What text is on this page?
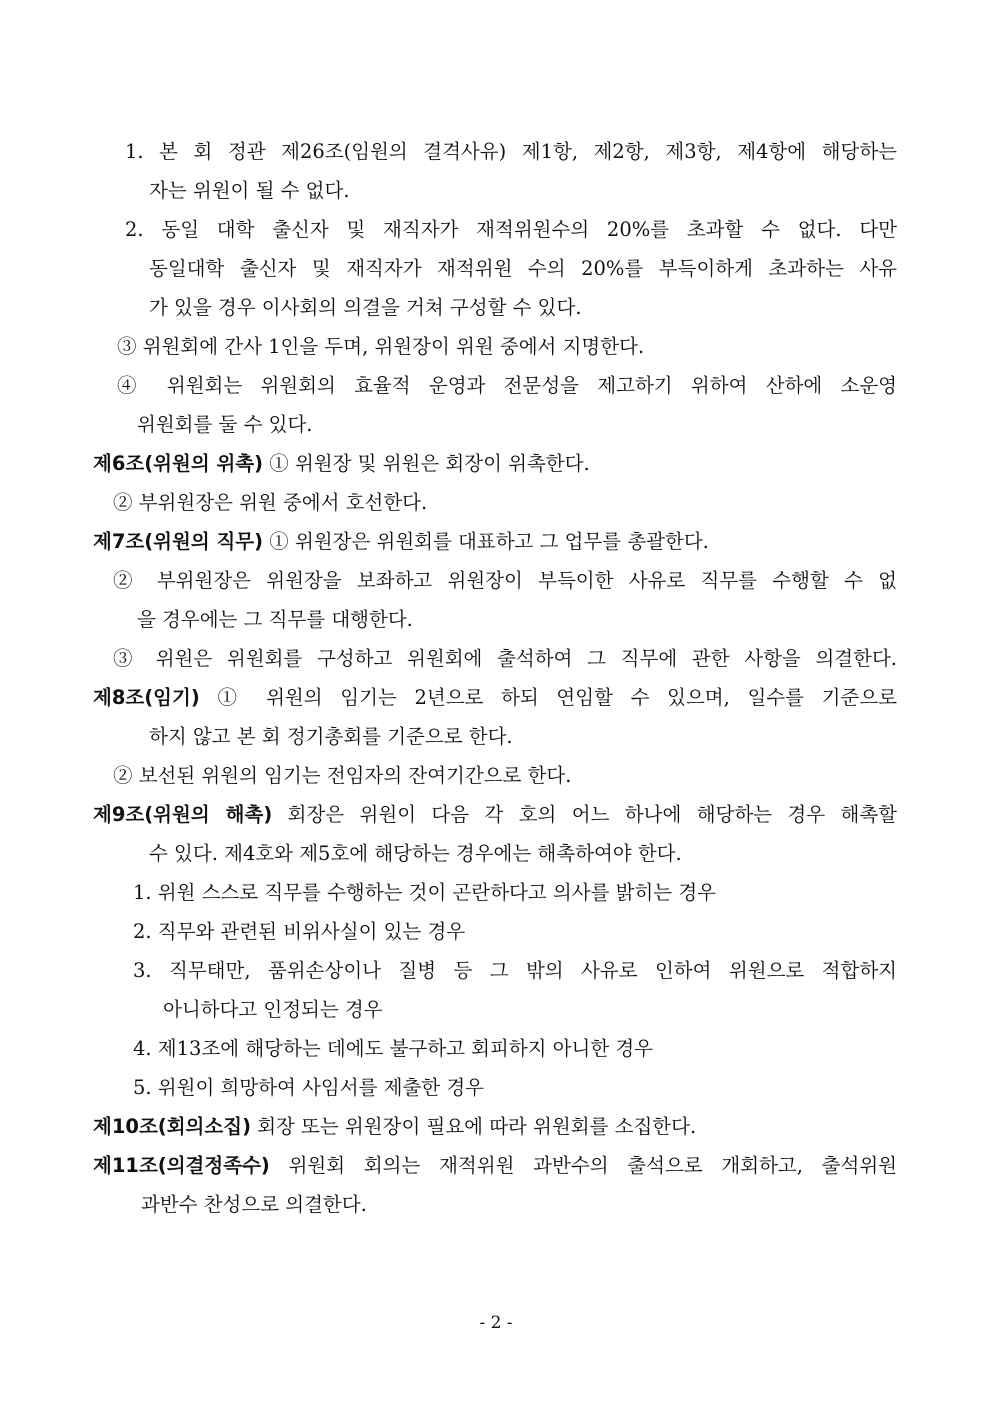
1. 본 회 정관 제26조(임원의 결격사유) 제1항, 제2항, 제3항, 제4항에 해당하는
자는 위원이 될 수 없다.
2. 동일 대학 출신자 및 재직자가 재적위원수의 20%를 초과할 수 없다. 다만
동일대학 출신자 및 재직자가 재적위원 수의 20%를 부득이하게 초과하는 사유
가 있을 경우 이사회의 의결을 거쳐 구성할 수 있다.
③ 위원회에 간사 1인을 두며, 위원장이 위원 중에서 지명한다.
④ 위원회는 위원회의 효율적 운영과 전문성을 제고하기 위하여 산하에 소운영
위원회를 둘 수 있다.
제6조(위원의 위촉) ① 위원장 및 위원은 회장이 위촉한다.
② 부위원장은 위원 중에서 호선한다.
제7조(위원의 직무) ① 위원장은 위원회를 대표하고 그 업무를 총괄한다.
② 부위원장은 위원장을 보좌하고 위원장이 부득이한 사유로 직무를 수행할 수 없
을 경우에는 그 직무를 대행한다.
③ 위원은 위원회를 구성하고 위원회에 출석하여 그 직무에 관한 사항을 의결한다.
제8조(임기) ① 위원의 임기는 2년으로 하되 연임할 수 있으며, 일수를 기준으로
하지 않고 본 회 정기총회를 기준으로 한다.
② 보선된 위원의 임기는 전임자의 잔여기간으로 한다.
제9조(위원의 해촉) 회장은 위원이 다음 각 호의 어느 하나에 해당하는 경우 해촉할
수 있다. 제4호와 제5호에 해당하는 경우에는 해촉하여야 한다.
1. 위원 스스로 직무를 수행하는 것이 곤란하다고 의사를 밝히는 경우
2. 직무와 관련된 비위사실이 있는 경우
3. 직무태만, 품위손상이나 질병 등 그 밖의 사유로 인하여 위원으로 적합하지
아니하다고 인정되는 경우
4. 제13조에 해당하는 데에도 불구하고 회피하지 아니한 경우
5. 위원이 희망하여 사임서를 제출한 경우
제10조(회의소집) 회장 또는 위원장이 필요에 따라 위원회를 소집한다.
제11조(의결정족수) 위원회 회의는 재적위원 과반수의 출석으로 개회하고, 출석위원
과반수 찬성으로 의결한다.
- 2 -
